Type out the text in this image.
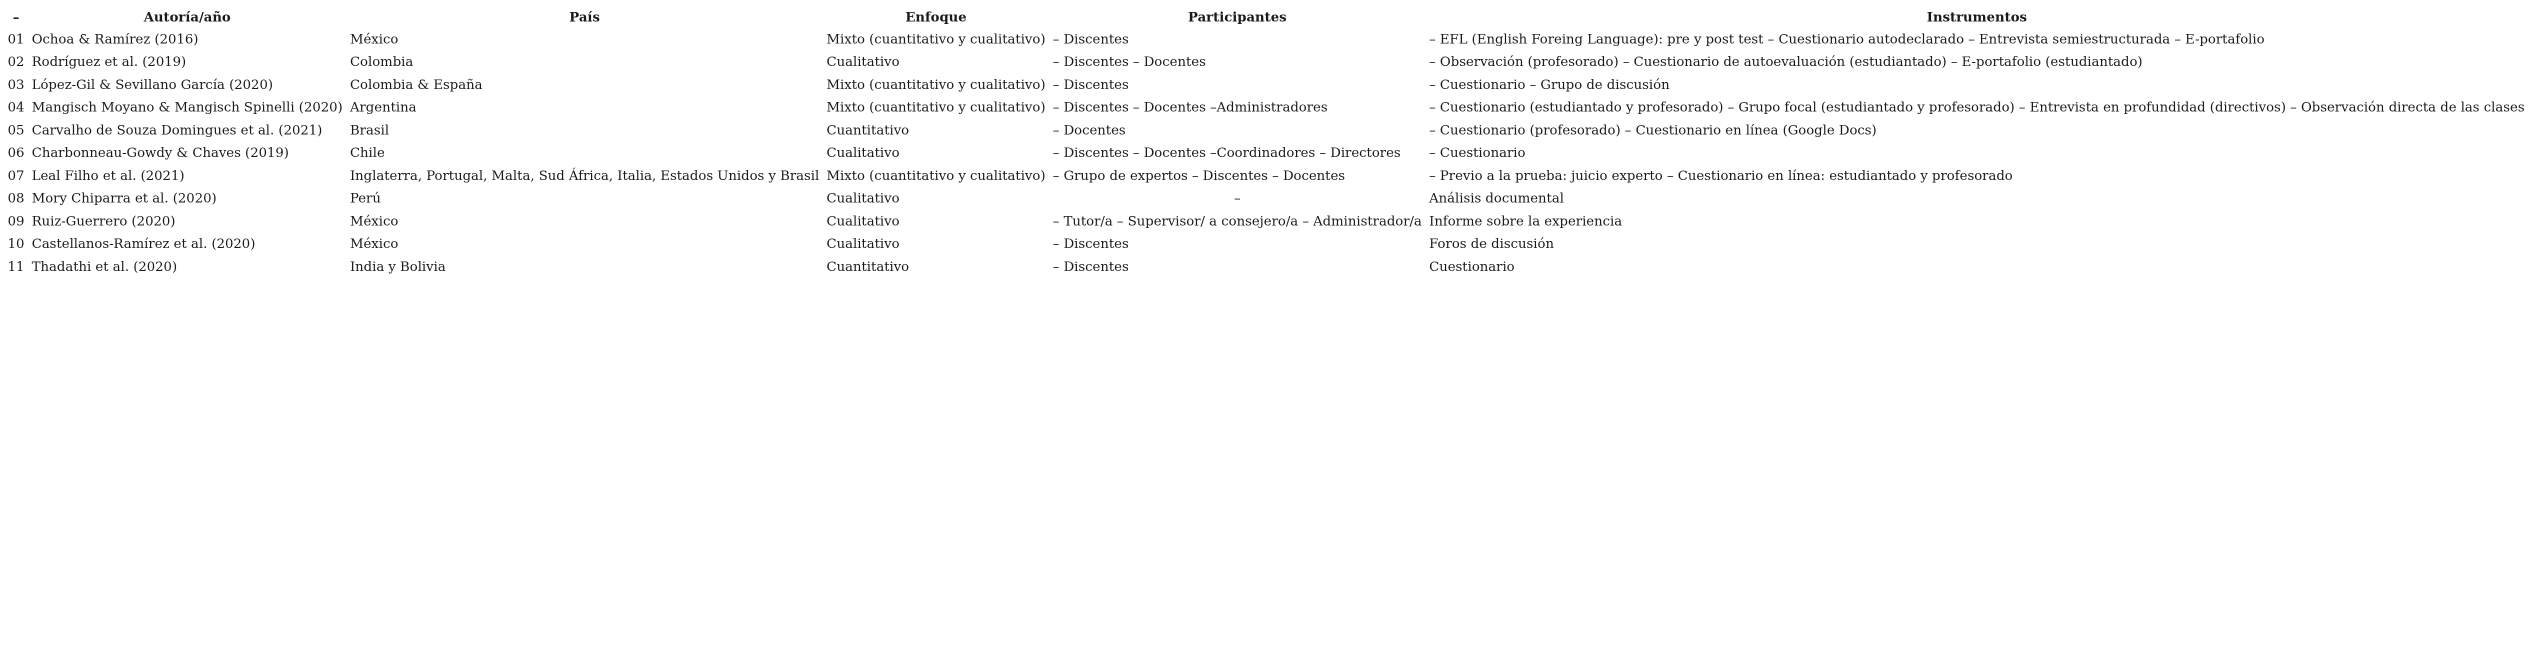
–	Autoría/año	País	Enfoque	Participantes	Instrumentos
01	Ochoa & Ramírez (2016)	México	Mixto (cuantitativo y cualitativo)	– Discentes	– EFL (English Foreing Language): pre y post test – Cuestionario autodeclarado – Entrevista semiestructurada – E-portafolio
02	Rodríguez et al. (2019)	Colombia	Cualitativo	– Discentes – Docentes	– Observación (profesorado) – Cuestionario de autoevaluación (estudiantado) – E-portafolio (estudiantado)
03	López-Gil & Sevillano García (2020)	Colombia & España	Mixto (cuantitativo y cualitativo)	– Discentes	– Cuestionario – Grupo de discusión
04	Mangisch Moyano & Mangisch Spinelli (2020)	Argentina	Mixto (cuantitativo y cualitativo)	– Discentes – Docentes –Administradores	– Cuestionario (estudiantado y profesorado) – Grupo focal (estudiantado y profesorado) – Entrevista en profundidad (directivos) – Observación directa de las clases
05	Carvalho de Souza Domingues et al. (2021)	Brasil	Cuantitativo	– Docentes	– Cuestionario (profesorado) – Cuestionario en línea (Google Docs)
06	Charbonneau-Gowdy & Chaves (2019)	Chile	Cualitativo	– Discentes – Docentes –Coordinadores – Directores	– Cuestionario
07	Leal Filho et al. (2021)	Inglaterra, Portugal, Malta, Sud África, Italia, Estados Unidos y Brasil	Mixto (cuantitativo y cualitativo)	– Grupo de expertos – Discentes – Docentes	– Previo a la prueba: juicio experto – Cuestionario en línea: estudiantado y profesorado
08	Mory Chiparra et al. (2020)	Perú	Cualitativo	–	Análisis documental
09	Ruiz-Guerrero (2020)	México	Cualitativo	– Tutor/a – Supervisor/ a consejero/a – Administrador/a	Informe sobre la experiencia
10	Castellanos-Ramírez et al. (2020)	México	Cualitativo	– Discentes	Foros de discusión
11	Thadathi et al. (2020)	India y Bolivia	Cuantitativo	– Discentes	Cuestionario
